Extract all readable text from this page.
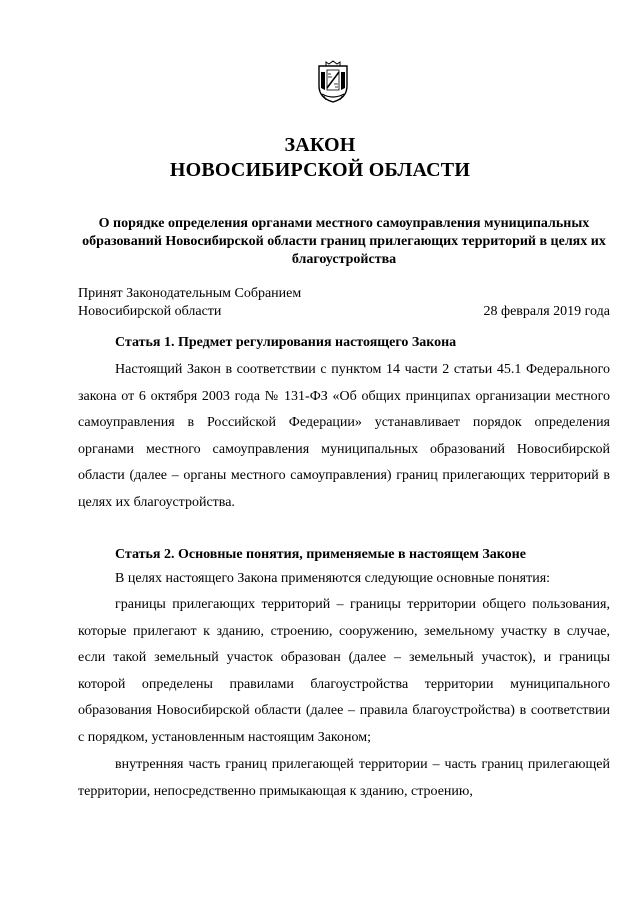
ЗАКОН
НОВОСИБИРСКОЙ ОБЛАСТИ
О порядке определения органами местного самоуправления муниципальных образований Новосибирской области границ прилегающих территорий в целях их благоустройства
Принят Законодательным Собранием
Новосибирской области	28 февраля 2019 года
Статья 1. Предмет регулирования настоящего Закона
Настоящий Закон в соответствии с пунктом 14 части 2 статьи 45.1 Федерального закона от 6 октября 2003 года № 131-ФЗ «Об общих принципах организации местного самоуправления в Российской Федерации» устанавливает порядок определения органами местного самоуправления муниципальных образований Новосибирской области (далее – органы местного самоуправления) границ прилегающих территорий в целях их благоустройства.
Статья 2. Основные понятия, применяемые в настоящем Законе
В целях настоящего Закона применяются следующие основные понятия:
границы прилегающих территорий – границы территории общего пользования, которые прилегают к зданию, строению, сооружению, земельному участку в случае, если такой земельный участок образован (далее – земельный участок), и границы которой определены правилами благоустройства территории муниципального образования Новосибирской области (далее – правила благоустройства) в соответствии с порядком, установленным настоящим Законом;
внутренняя часть границ прилегающей территории – часть границ прилегающей территории, непосредственно примыкающая к зданию, строению,
